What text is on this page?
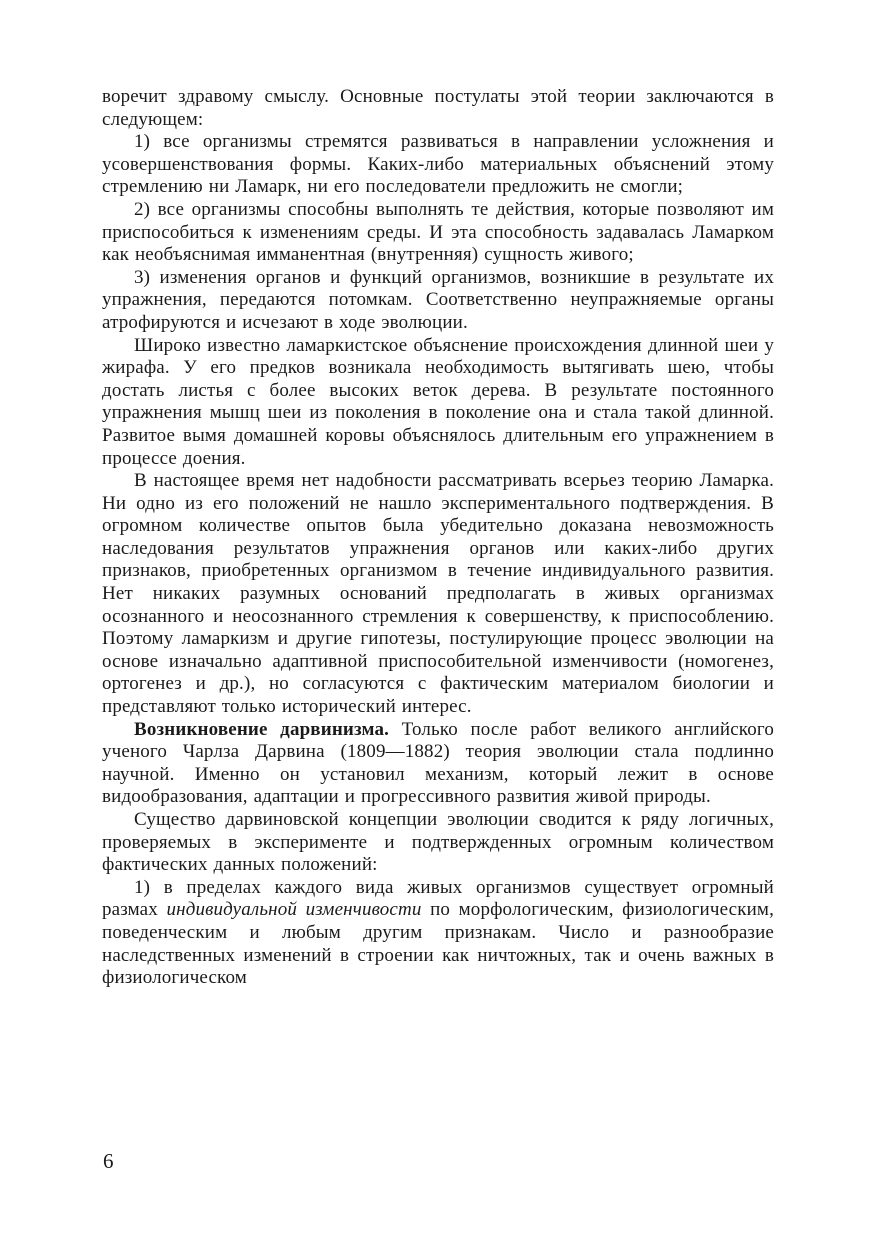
воречит здравому смыслу. Основные постулаты этой теории заключаются в следующем:

1) все организмы стремятся развиваться в направлении усложнения и усовершенствования формы. Каких-либо материальных объяснений этому стремлению ни Ламарк, ни его последователи предложить не смогли;

2) все организмы способны выполнять те действия, которые позволяют им приспособиться к изменениям среды. И эта способность задавалась Ламарком как необъяснимая имманентная (внутренняя) сущность живого;

3) изменения органов и функций организмов, возникшие в результате их упражнения, передаются потомкам. Соответственно неупражняемые органы атрофируются и исчезают в ходе эволюции.

Широко известно ламаркистское объяснение происхождения длинной шеи у жирафа. У его предков возникала необходимость вытягивать шею, чтобы достать листья с более высоких веток дерева. В результате постоянного упражнения мышц шеи из поколения в поколение она и стала такой длинной. Развитое вымя домашней коровы объяснялось длительным его упражнением в процессе доения.

В настоящее время нет надобности рассматривать всерьез теорию Ламарка. Ни одно из его положений не нашло экспериментального подтверждения. В огромном количестве опытов была убедительно доказана невозможность наследования результатов упражнения органов или каких-либо других признаков, приобретенных организмом в течение индивидуального развития. Нет никаких разумных оснований предполагать в живых организмах осознанного и неосознанного стремления к совершенству, к приспособлению. Поэтому ламаркизм и другие гипотезы, постулирующие процесс эволюции на основе изначально адаптивной приспособительной изменчивости (номогенез, ортогенез и др.), но согласуются с фактическим материалом биологии и представляют только исторический интерес.

Возникновение дарвинизма. Только после работ великого английского ученого Чарлза Дарвина (1809—1882) теория эволюции стала подлинно научной. Именно он установил механизм, который лежит в основе видообразования, адаптации и прогрессивного развития живой природы.

Существо дарвиновской концепции эволюции сводится к ряду логичных, проверяемых в эксперименте и подтвержденных огромным количеством фактических данных положений:

1) в пределах каждого вида живых организмов существует огромный размах индивидуальной изменчивости по морфологическим, физиологическим, поведенческим и любым другим признакам. Число и разнообразие наследственных изменений в строении как ничтожных, так и очень важных в физиологическом

6
